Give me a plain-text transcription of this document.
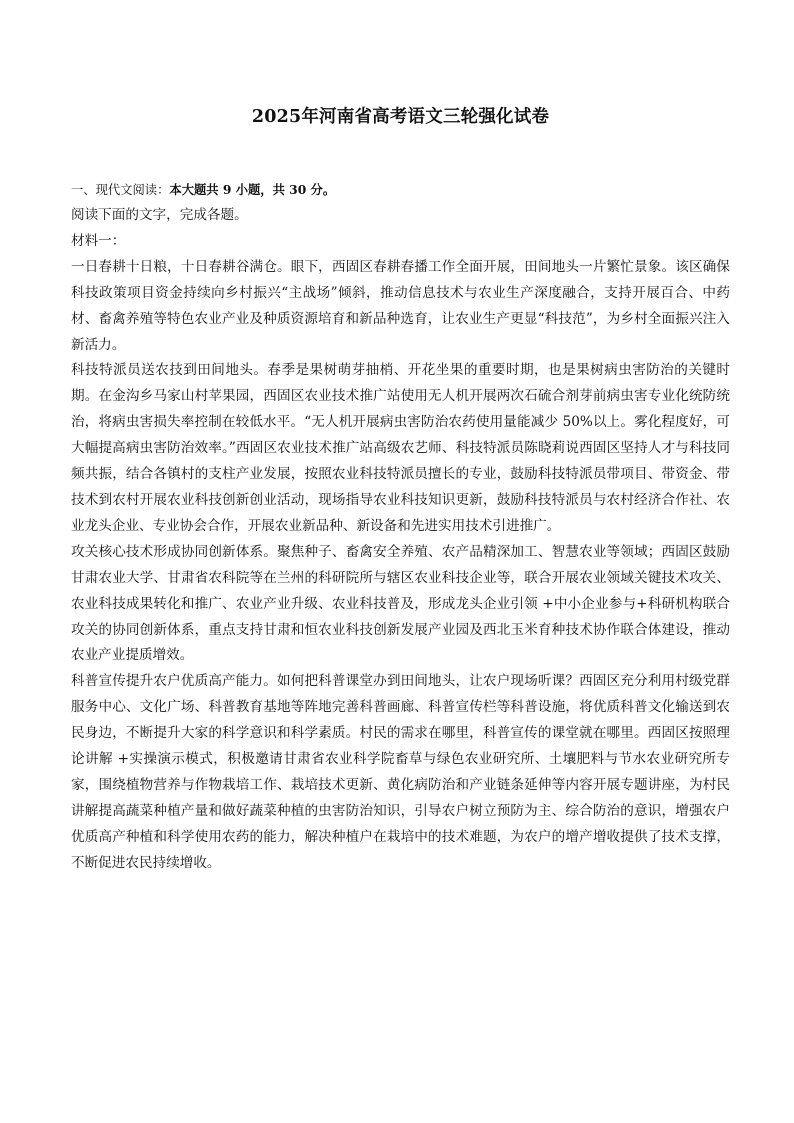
2025年河南省高考语文三轮强化试卷
一、现代文阅读：本大题共 9 小题，共 30 分。
阅读下面的文字，完成各题。
材料一：

一日春耕十日粮，十日春耕谷满仓。眼下，西固区春耕春播工作全面开展，田间地头一片繁忙景象。该区确保科技政策项目资金持续向乡村振兴“主战场”倾斜，推动信息技术与农业生产深度融合，支持开展百合、中药材、畜禽养殖等特色农业产业及种质资源培育和新品种选育，让农业生产更显“科技范”，为乡村全面振兴注入新活力。

科技特派员送农技到田间地头。春季是果树萌芽抽梢、开花坐果的重要时期，也是果树病虫害防治的关键时期。在金沟乡马家山村苹果园，西固区农业技术推广站使用无人机开展两次石硫合剂芽前病虫害专业化统防统治，将病虫害损失率控制在较低水平。“无人机开展病虫害防治农药使用量能减少 50%以上。雾化程度好，可大幅提高病虫害防治效率。”西固区农业技术推广站高级农艺师、科技特派员陈晓莉说西固区坚持人才与科技同频共振，结合各镇村的支柱产业发展，按照农业科技特派员擅长的专业，鼓励科技特派员带项目、带资金、带技术到农村开展农业科技创新创业活动，现场指导农业科技知识更新，鼓励科技特派员与农村经济合作社、农业龙头企业、专业协会合作，开展农业新品种、新设备和先进实用技术引进推广。

攻关核心技术形成协同创新体系。聚焦种子、畜禽安全养殖、农产品精深加工、智慧农业等领域；西固区鼓励甘肃农业大学、甘肃省农科院等在兰州的科研院所与辖区农业科技企业等，联合开展农业领域关键技术攻关、农业科技成果转化和推广、农业产业升级、农业科技普及，形成龙头企业引领 +中小企业参与+科研机构联合攻关的协同创新体系，重点支持甘肃和恒农业科技创新发展产业园及西北玉米育种技术协作联合体建设，推动农业产业提质增效。

科普宣传提升农户优质高产能力。如何把科普课堂办到田间地头，让农户现场听课？西固区充分利用村级党群服务中心、文化广场、科普教育基地等阵地完善科普画廊、科普宣传栏等科普设施，将优质科普文化输送到农民身边，不断提升大家的科学意识和科学素质。村民的需求在哪里，科普宣传的课堂就在哪里。西固区按照理论讲解 +实操演示模式，积极邀请甘肃省农业科学院畜草与绿色农业研究所、土壤肥料与节水农业研究所专家，围绕植物营养与作物栽培工作、栽培技术更新、黄化病防治和产业链条延伸等内容开展专题讲座，为村民讲解提高蔬菜种植产量和做好蔬菜种植的虫害防治知识，引导农户树立预防为主、综合防治的意识，增强农户优质高产种植和科学使用农药的能力，解决种植户在栽培中的技术难题，为农户的增产增收提供了技术支撑，不断促进农民持续增收。
